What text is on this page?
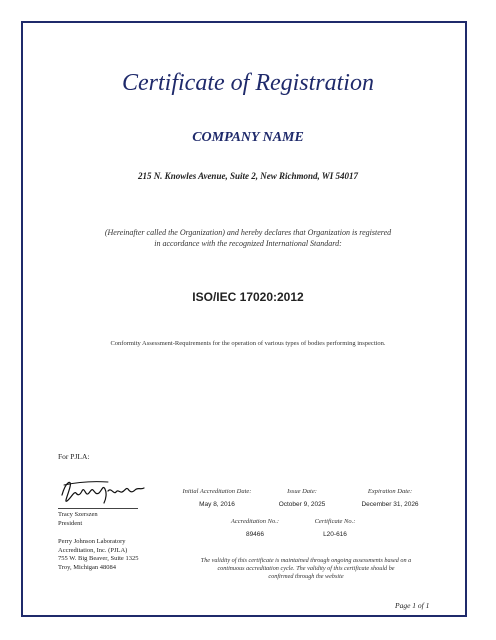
Certificate of Registration
COMPANY NAME
215 N. Knowles Avenue, Suite 2, New Richmond, WI 54017
(Hereinafter called the Organization) and hereby declares that Organization is registered
in accordance with the recognized International Standard:
ISO/IEC 17020:2012
Conformity Assessment-Requirements for the operation of various types of bodies performing inspection.
For PJLA:
Tracy Szerszen
President
Perry Johnson Laboratory
Accreditation, Inc. (PJLA)
755 W. Big Beaver, Suite 1325
Troy, Michigan 48084
Initial Accreditation Date:	Issue Date:	Expiration Date:
May 8, 2016	October 9, 2025	December 31, 2026
Accreditation No.:	Certificate No.:
89466	L20-616
The validity of this certificate is maintained through ongoing assessments based on a
continuous accreditation cycle. The validity of this certificate should be
confirmed through the website
Page 1 of 1
